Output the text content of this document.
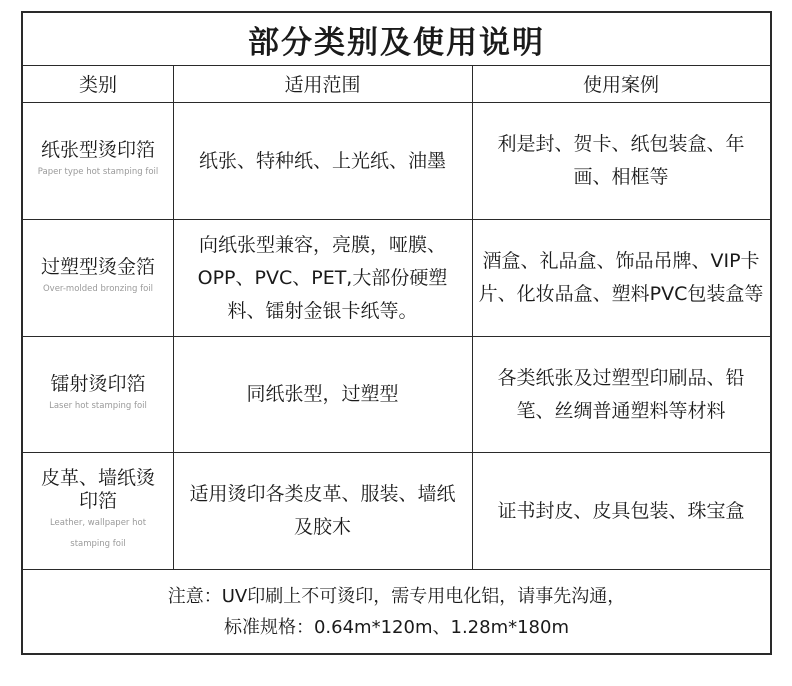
部分类别及使用说明
类别	适用范围	使用案例
纸张型烫印箔
Paper type hot stamping foil
纸张、特种纸、上光纸、油墨
利是封、贺卡、纸包装盒、年画、相框等
过塑型烫金箔
Over-molded bronzing foil
向纸张型兼容，亮膜，哑膜、OPP、PVC、PET,大部份硬塑料、镭射金银卡纸等。
酒盒、礼品盒、饰品吊牌、VIP卡片、化妆品盒、塑料PVC包装盒等
镭射烫印箔
Laser hot stamping foil
同纸张型，过塑型
各类纸张及过塑型印刷品、铅笔、丝绸普通塑料等材料
皮革、墙纸烫印箔
Leather, wallpaper hot stamping foil
适用烫印各类皮革、服装、墙纸及胶木
证书封皮、皮具包装、珠宝盒
注意：UV印刷上不可烫印，需专用电化铝，请事先沟通，
标准规格：0.64m*120m、1.28m*180m
